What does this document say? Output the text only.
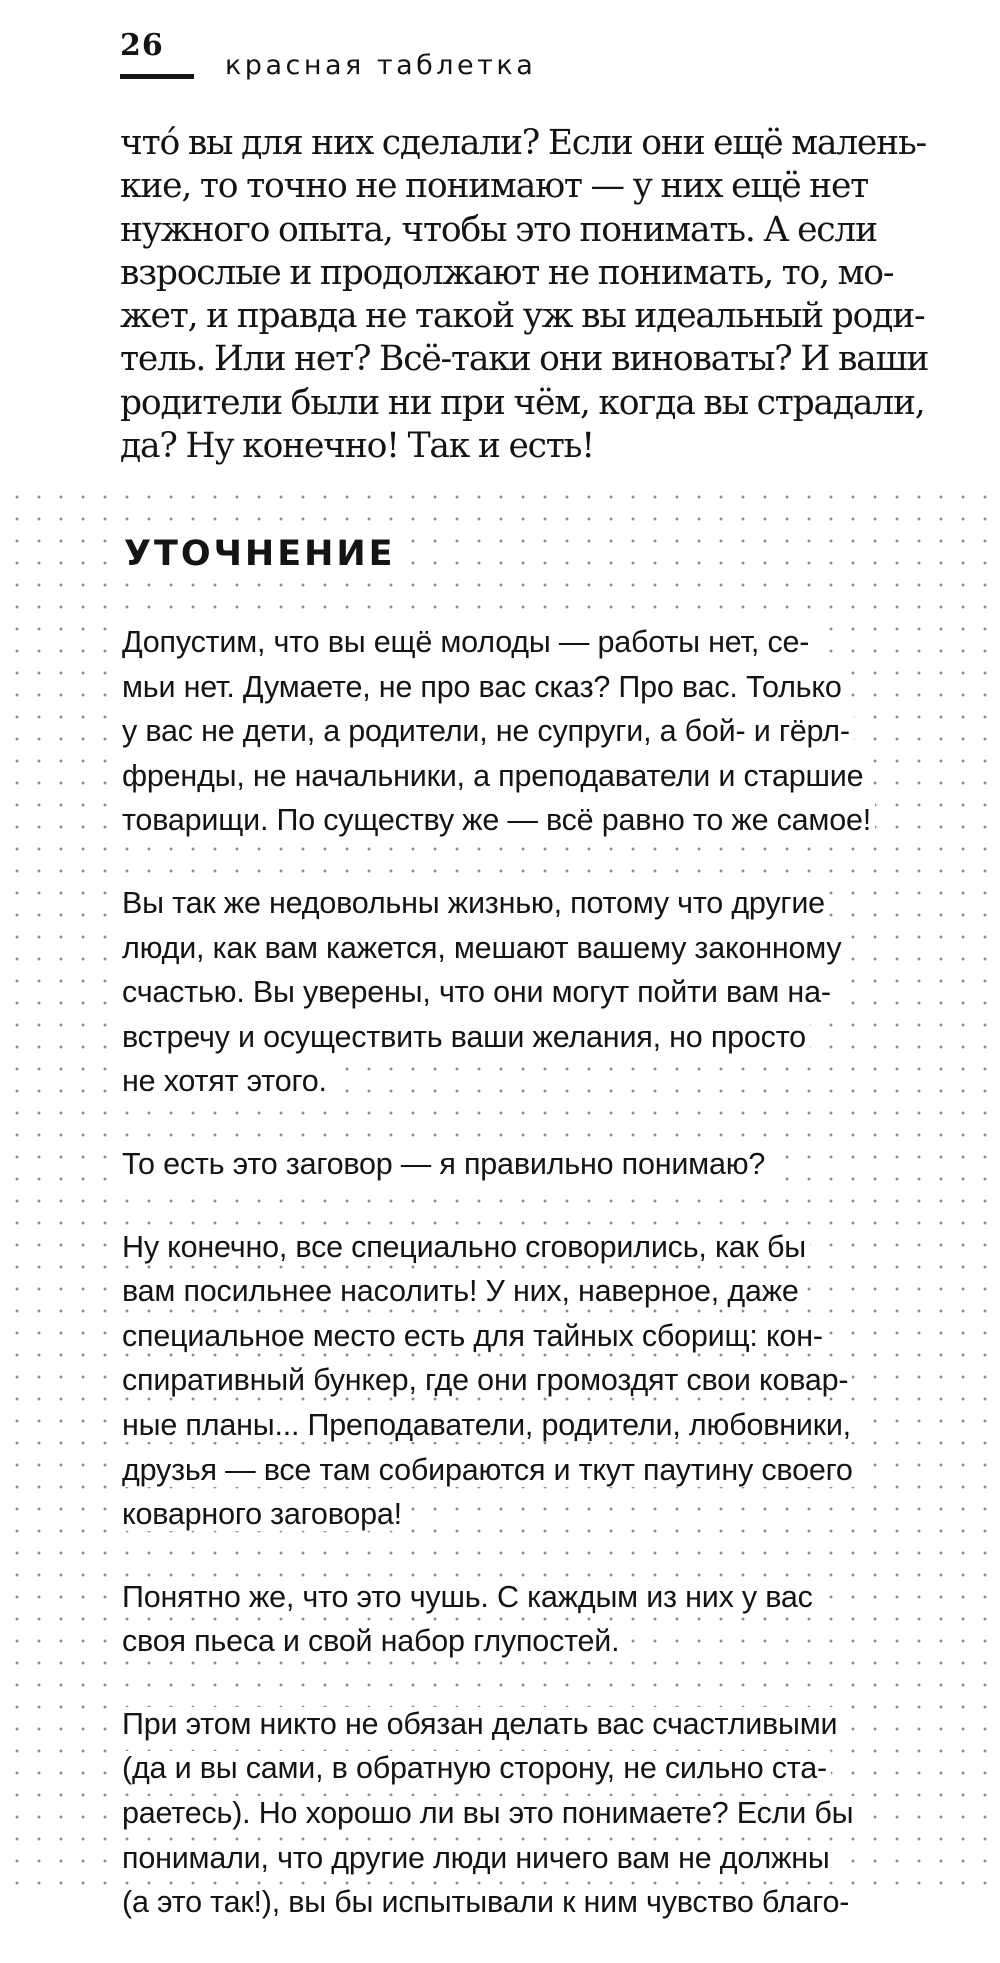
26
красная таблетка

что́ вы для них сделали? Если они ещё малень-
кие, то точно не понимают — у них ещё нет
нужного опыта, чтобы это понимать. А если
взрослые и продолжают не понимать, то, мо-
жет, и правда не такой уж вы идеальный роди-
тель. Или нет? Всё-таки они виноваты? И ваши
родители были ни при чём, когда вы страдали,
да? Ну конечно! Так и есть!

УТОЧНЕНИЕ

Допустим, что вы ещё молоды — работы нет, се-
мьи нет. Думаете, не про вас сказ? Про вас. Только
у вас не дети, а родители, не супруги, а бой- и гёрл-
френды, не начальники, а преподаватели и старшие
товарищи. По существу же — всё равно то же самое!

Вы так же недовольны жизнью, потому что другие
люди, как вам кажется, мешают вашему законному
счастью. Вы уверены, что они могут пойти вам на-
встречу и осуществить ваши желания, но просто
не хотят этого.

То есть это заговор — я правильно понимаю?

Ну конечно, все специально сговорились, как бы
вам посильнее насолить! У них, наверное, даже
специальное место есть для тайных сборищ: кон-
спиративный бункер, где они громоздят свои ковар-
ные планы... Преподаватели, родители, любовники,
друзья — все там собираются и ткут паутину своего
коварного заговора!

Понятно же, что это чушь. С каждым из них у вас
своя пьеса и свой набор глупостей.

При этом никто не обязан делать вас счастливыми
(да и вы сами, в обратную сторону, не сильно ста-
раетесь). Но хорошо ли вы это понимаете? Если бы
понимали, что другие люди ничего вам не должны
(а это так!), вы бы испытывали к ним чувство благо-
